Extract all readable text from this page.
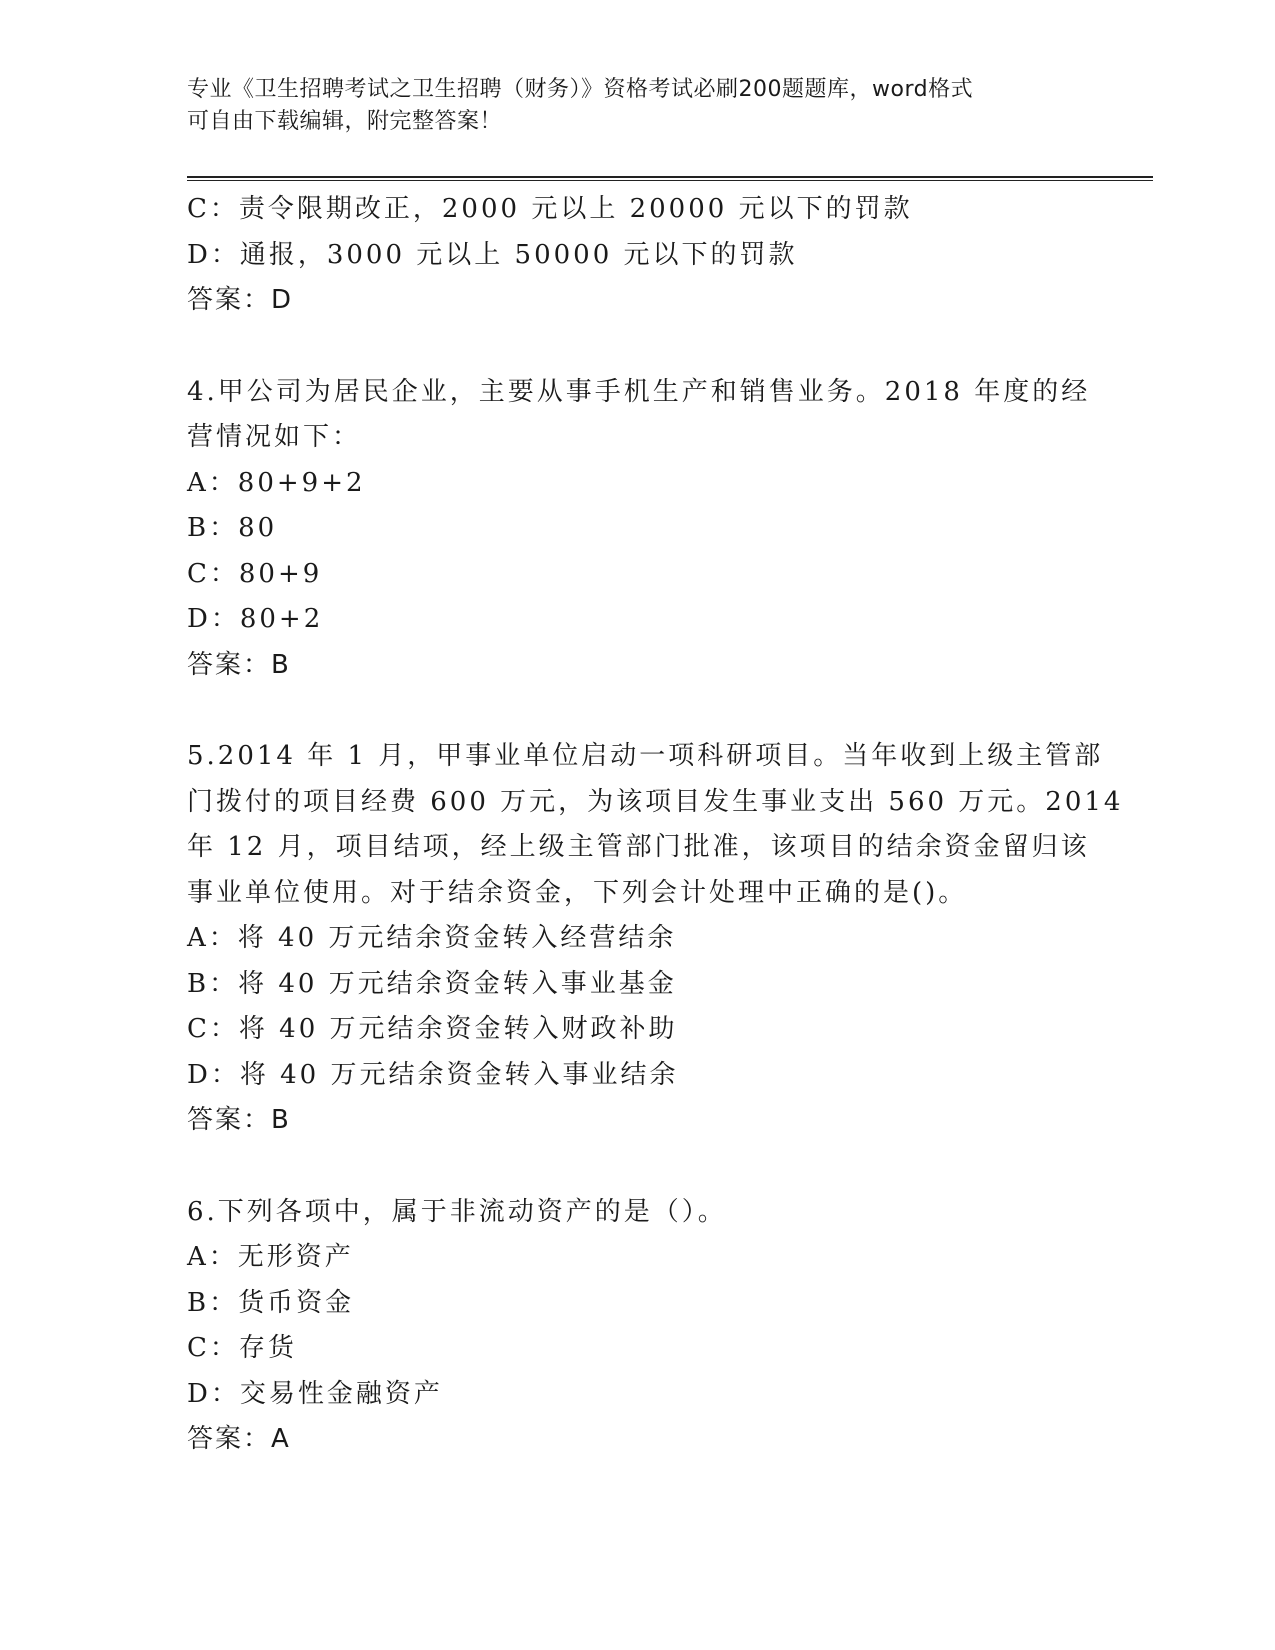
专业《卫生招聘考试之卫生招聘（财务）》资格考试必刷200题题库，word格式
可自由下载编辑，附完整答案！
C：责令限期改正，2000 元以上 20000 元以下的罚款
D：通报，3000 元以上 50000 元以下的罚款
答案：D
4.甲公司为居民企业，主要从事手机生产和销售业务。2018 年度的经
营情况如下：
A：80+9+2
B：80
C：80+9
D：80+2
答案：B
5.2014 年 1 月，甲事业单位启动一项科研项目。当年收到上级主管部
门拨付的项目经费 600 万元，为该项目发生事业支出 560 万元。2014
年 12 月，项目结项，经上级主管部门批准，该项目的结余资金留归该
事业单位使用。对于结余资金，下列会计处理中正确的是()。
A：将 40 万元结余资金转入经营结余
B：将 40 万元结余资金转入事业基金
C：将 40 万元结余资金转入财政补助
D：将 40 万元结余资金转入事业结余
答案：B
6.下列各项中，属于非流动资产的是（）。
A：无形资产
B：货币资金
C：存货
D：交易性金融资产
答案：A
